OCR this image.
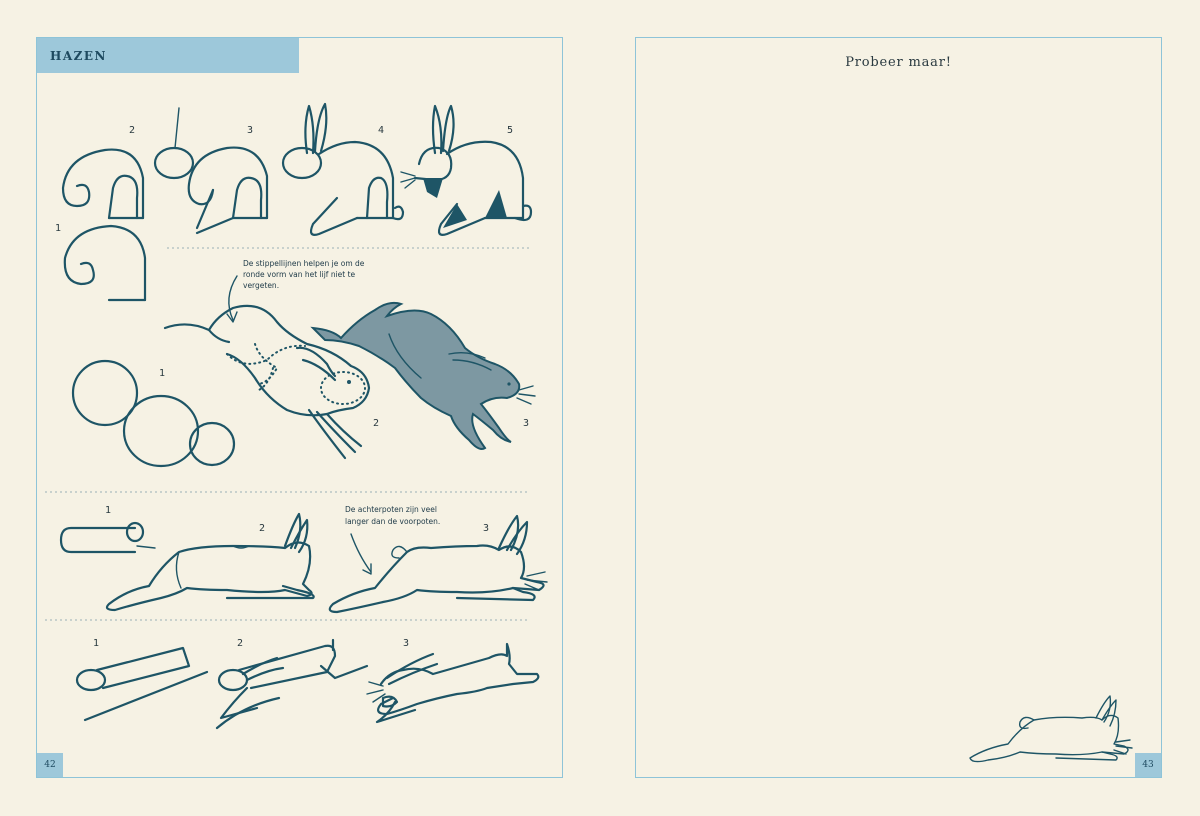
HAZEN
1
2	3	4	5
1
2	3
De stippellijnen helpen je om de
ronde vorm van het lijf niet te
vergeten.
1
2	3
De achterpoten zijn veel
langer dan de voorpoten.
1	2	3
42
Probeer maar!
43
